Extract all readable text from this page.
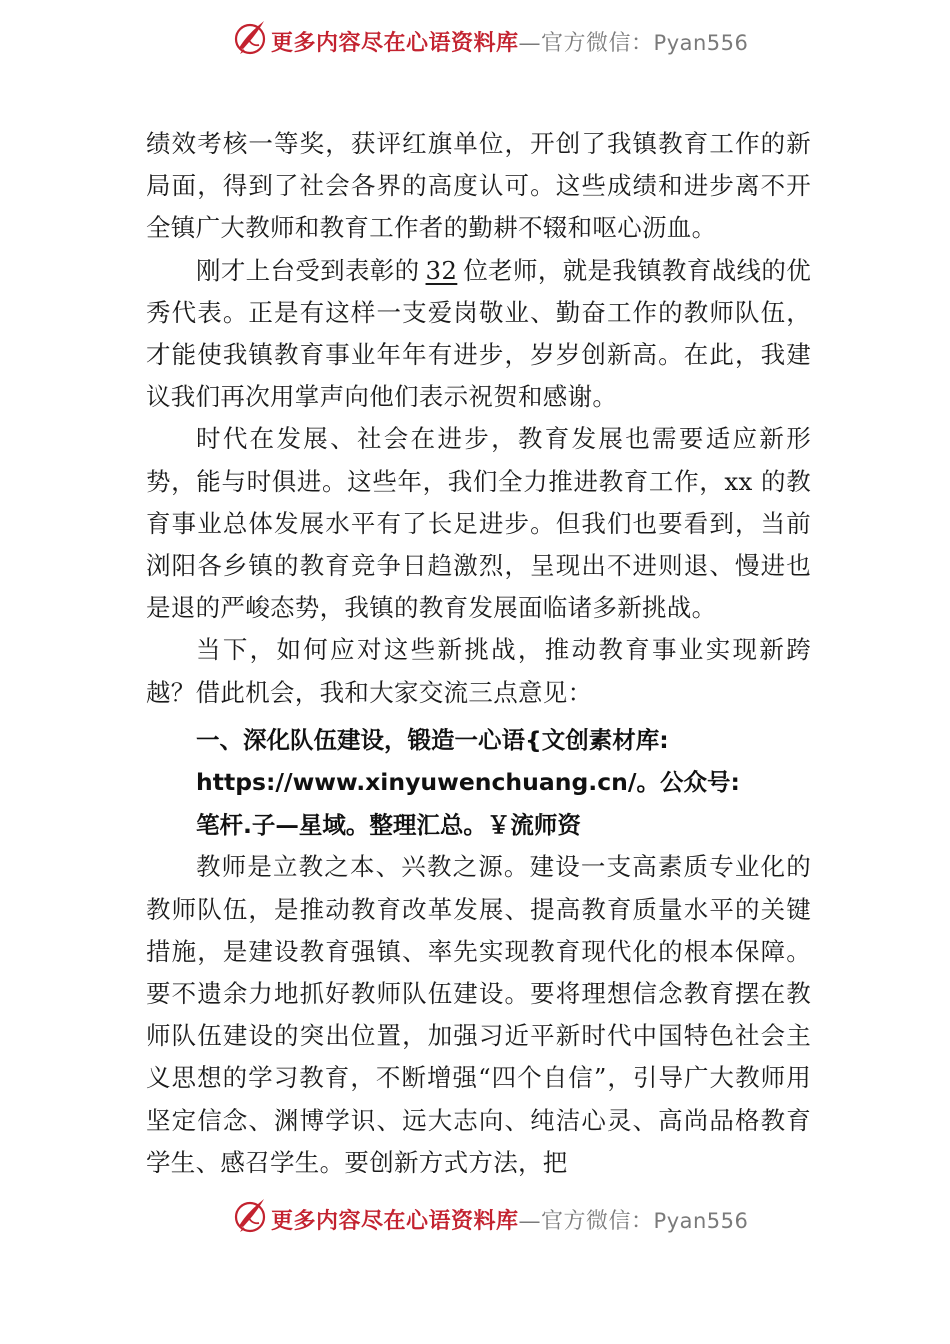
更多内容尽在心语资料库—官方微信：Pyan556

绩效考核一等奖，获评红旗单位，开创了我镇教育工作的新局面，得到了社会各界的高度认可。这些成绩和进步离不开全镇广大教师和教育工作者的勤耕不辍和呕心沥血。

刚才上台受到表彰的 32 位老师，就是我镇教育战线的优秀代表。正是有这样一支爱岗敬业、勤奋工作的教师队伍，才能使我镇教育事业年年有进步，岁岁创新高。在此，我建议我们再次用掌声向他们表示祝贺和感谢。

时代在发展、社会在进步，教育发展也需要适应新形势，能与时俱进。这些年，我们全力推进教育工作，xx 的教育事业总体发展水平有了长足进步。但我们也要看到，当前浏阳各乡镇的教育竞争日趋激烈，呈现出不进则退、慢进也是退的严峻态势，我镇的教育发展面临诸多新挑战。

当下，如何应对这些新挑战，推动教育事业实现新跨越？借此机会，我和大家交流三点意见：

一、深化队伍建设，锻造一心语{文创素材库:
https://www.xinyuwenchuang.cn/。公众号:
笔杆.子—星域。整理汇总。￥流师资

教师是立教之本、兴教之源。建设一支高素质专业化的教师队伍，是推动教育改革发展、提高教育质量水平的关键措施，是建设教育强镇、率先实现教育现代化的根本保障。要不遗余力地抓好教师队伍建设。要将理想信念教育摆在教师队伍建设的突出位置，加强习近平新时代中国特色社会主义思想的学习教育，不断增强“四个自信”，引导广大教师用坚定信念、渊博学识、远大志向、纯洁心灵、高尚品格教育学生、感召学生。要创新方式方法，把

更多内容尽在心语资料库—官方微信：Pyan556
